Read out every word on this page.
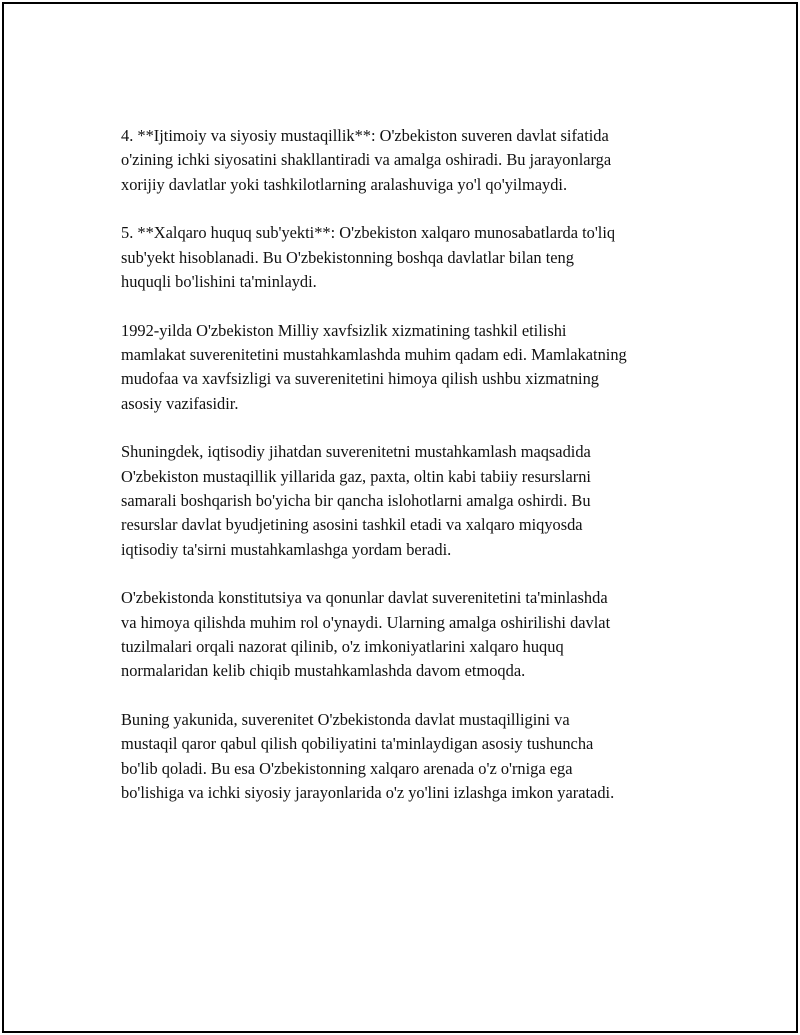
4. **Ijtimoiy va siyosiy mustaqillik**: O'zbekiston suveren davlat sifatida
o'zining ichki siyosatini shakllantiradi va amalga oshiradi. Bu jarayonlarga
xorijiy davlatlar yoki tashkilotlarning aralashuviga yo'l qo'yilmaydi.

5. **Xalqaro huquq sub'yekti**: O'zbekiston xalqaro munosabatlarda to'liq
sub'yekt hisoblanadi. Bu O'zbekistonning boshqa davlatlar bilan teng
huquqli bo'lishini ta'minlaydi.

1992-yilda O'zbekiston Milliy xavfsizlik xizmatining tashkil etilishi
mamlakat suverenitetini mustahkamlashda muhim qadam edi. Mamlakatning
mudofaa va xavfsizligi va suverenitetini himoya qilish ushbu xizmatning
asosiy vazifasidir.

Shuningdek, iqtisodiy jihatdan suverenitetni mustahkamlash maqsadida
O'zbekiston mustaqillik yillarida gaz, paxta, oltin kabi tabiiy resurslarni
samarali boshqarish bo'yicha bir qancha islohotlarni amalga oshirdi. Bu
resurslar davlat byudjetining asosini tashkil etadi va xalqaro miqyosda
iqtisodiy ta'sirni mustahkamlashga yordam beradi.

O'zbekistonda konstitutsiya va qonunlar davlat suverenitetini ta'minlashda
va himoya qilishda muhim rol o'ynaydi. Ularning amalga oshirilishi davlat
tuzilmalari orqali nazorat qilinib, o'z imkoniyatlarini xalqaro huquq
normalaridan kelib chiqib mustahkamlashda davom etmoqda.

Buning yakunida, suverenitet O'zbekistonda davlat mustaqilligini va
mustaqil qaror qabul qilish qobiliyatini ta'minlaydigan asosiy tushuncha
bo'lib qoladi. Bu esa O'zbekistonning xalqaro arenada o'z o'rniga ega
bo'lishiga va ichki siyosiy jarayonlarida o'z yo'lini izlashga imkon yaratadi.
